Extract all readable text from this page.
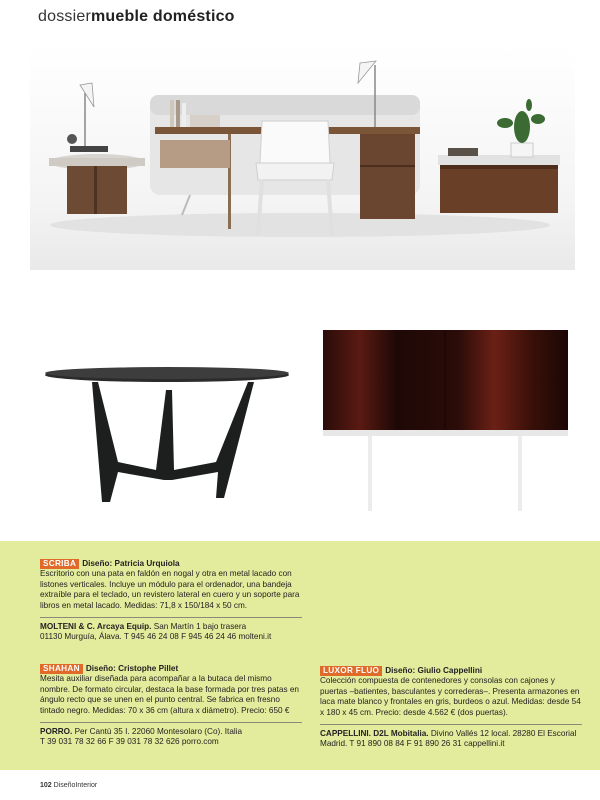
dossiermueble doméstico

SCRIBA Diseño: Patricia Urquiola

Escritorio con una pata en faldón en nogal y otra en metal lacado con listones verticales. Incluye un módulo para el ordenador, una bandeja extraíble para el teclado, un revistero lateral en cuero y un soporte para libros en metal lacado. Medidas: 71,8 x 150/184 x 50 cm.

MOLTENI & C. Arcaya Equip. San Martín 1 bajo trasera

01130 Murguía, Álava. T 945 46 24 08 F 945 46 24 46 molteni.it

SHAHAN Diseño: Cristophe Pillet

Mesita auxiliar diseñada para acompañar a la butaca del mismo nombre. De formato circular, destaca la base formada por tres patas en ángulo recto que se unen en el punto central. Se fabrica en fresno tintado negro. Medidas: 70 x 36 cm (altura x diámetro). Precio: 650 €

PORRO. Per Cantù 35 I. 22060 Montesolaro (Co). Italia

T 39 031 78 32 66 F 39 031 78 32 626 porro.com

LUXOR FLUO Diseño: Giulio Cappellini

Colección compuesta de contenedores y consolas con cajones y puertas –batientes, basculantes y correderas–. Presenta armazones en laca mate blanco y frontales en gris, burdeos o azul. Medidas: desde 54 x 180 x 45 cm. Precio: desde 4.562 € (dos puertas).

CAPPELLINI. D2L Mobitalia. Divino Vallés 12 local. 28280 El Escorial

Madrid. T 91 890 08 84 F 91 890 26 31 cappellini.it

102 DiseñoInterior
